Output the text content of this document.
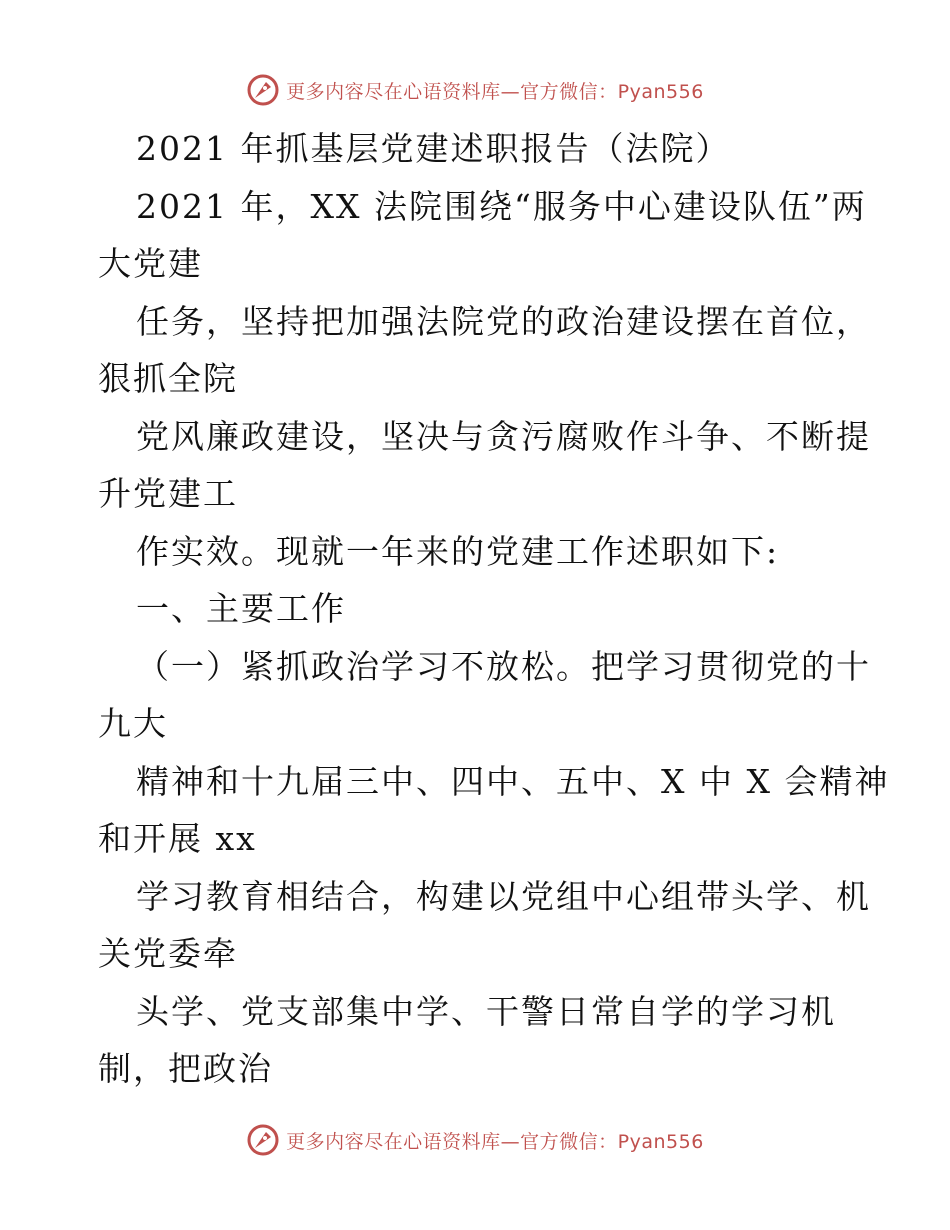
更多内容尽在心语资料库—官方微信：Pyan556
2021 年抓基层党建述职报告（法院）
2021 年，XX 法院围绕“服务中心建设队伍”两
大党建
任务，坚持把加强法院党的政治建设摆在首位，
狠抓全院
党风廉政建设，坚决与贪污腐败作斗争、不断提
升党建工
作实效。现就一年来的党建工作述职如下:
一、主要工作
（一）紧抓政治学习不放松。把学习贯彻党的十
九大
精神和十九届三中、四中、五中、X 中 X 会精神
和开展 xx
学习教育相结合，构建以党组中心组带头学、机
关党委牵
头学、党支部集中学、干警日常自学的学习机
制，把政治
更多内容尽在心语资料库—官方微信：Pyan556
